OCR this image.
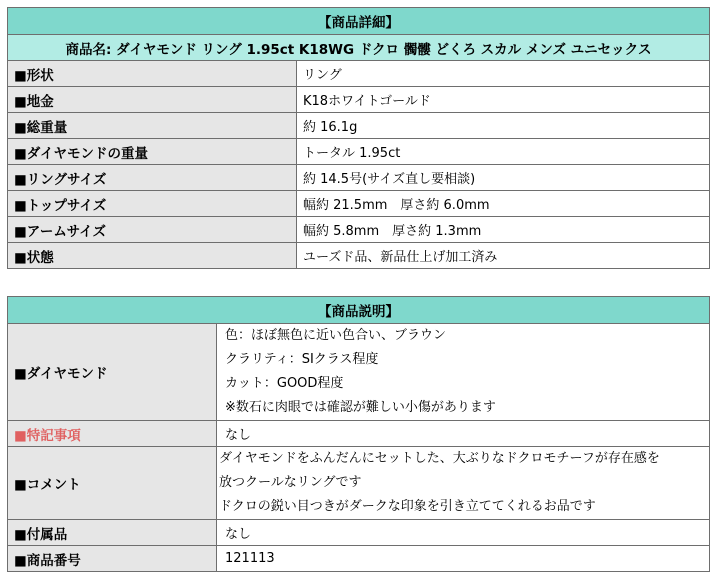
【商品詳細】	
商品名: ダイヤモンド リング 1.95ct K18WG ドクロ 髑髏 どくろ スカル メンズ ユニセックス	
■形状	リング
■地金	K18ホワイトゴールド
■総重量	約 16.1g
■ダイヤモンドの重量	トータル 1.95ct
■リングサイズ	約 14.5号(サイズ直し要相談)
■トップサイズ	幅約 21.5mm　厚さ約 6.0mm
■アームサイズ	幅約 5.8mm　厚さ約 1.3mm
■状態	ユーズド品、新品仕上げ加工済み
【商品説明】	
■ダイヤモンド	色：ほぼ無色に近い色合い、ブラウン
クラリティ：SIクラス程度
カット：GOOD程度
※数石に肉眼では確認が難しい小傷があります

■特記事項	なし
■コメント	ダイヤモンドをふんだんにセットした、大ぶりなドクロモチーフが存在感を
放つクールなリングです
ドクロの鋭い目つきがダークな印象を引き立ててくれるお品です

■付属品	なし
■商品番号	121113
